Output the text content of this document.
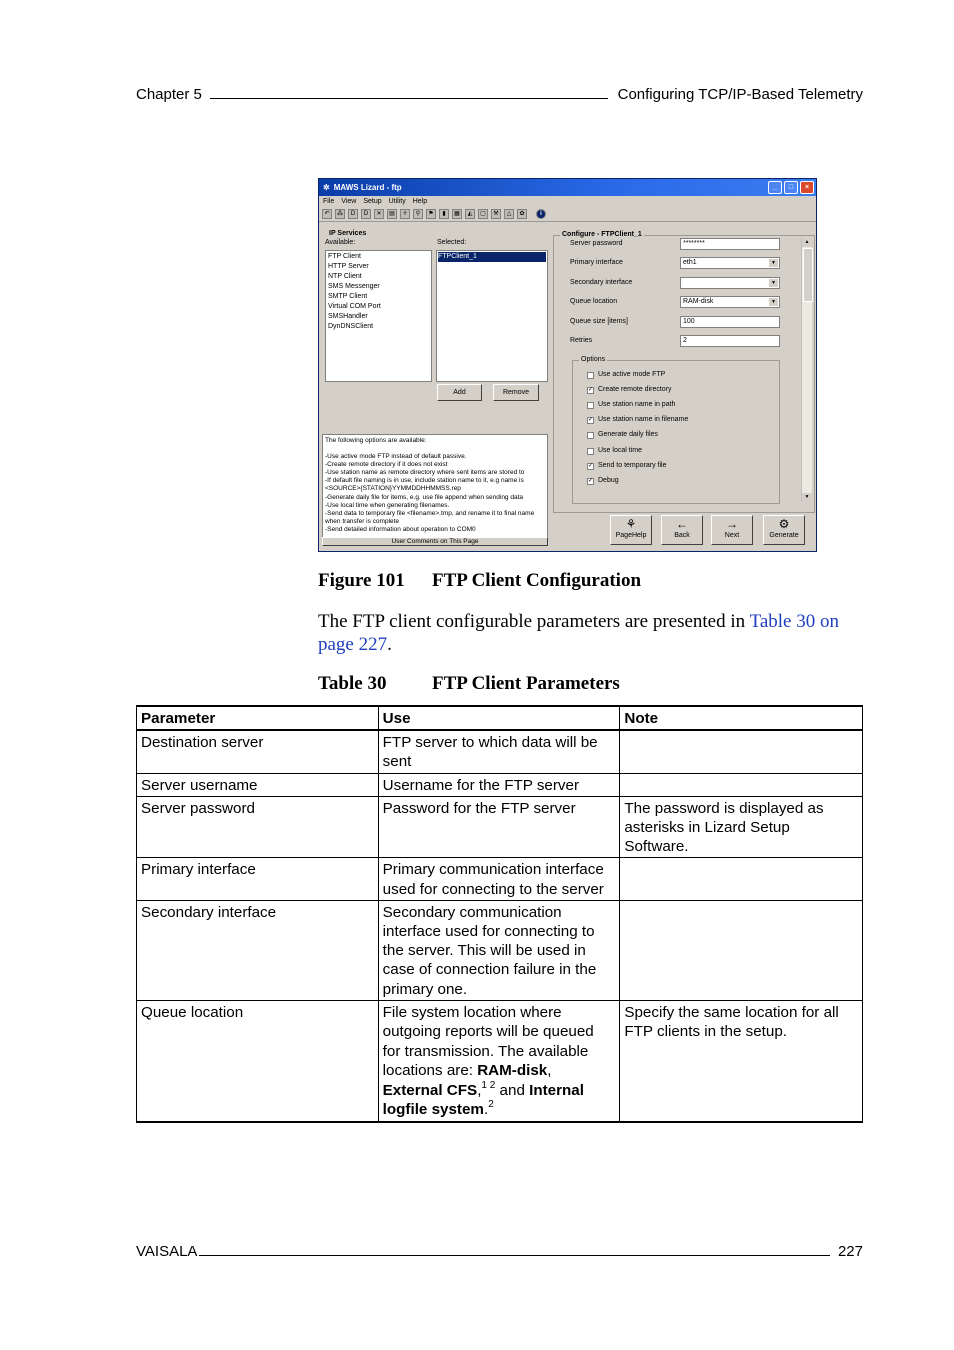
Chapter 5	Configuring TCP/IP-Based Telemetry
✲ MAWS Lizard - ftp	_	□	×
File View Setup Utility Help
↶	⁂	D	D	✕	▤	☥	⚲	⚑	▮	▦	◭	▢	⚒	△	✿	i
IP Services
Available:	Selected:
FTP Client
HTTP Server
NTP Client
SMS Messenger
SMTP Client
Virtual COM Port
SMSHandler
DynDNSClient
FTPClient_1
Add	Remove
The following options are available:
-Use active mode FTP instead of default passive.
-Create remote directory if it does not exist
-Use station name as remote directory where sent items are stored to
-If default file naming is in use, include station name to it, e.g name is
<SOURCE>{STATION}YYMMDDHHMMSS.rep
-Generate daily file for items, e.g. use file append when sending data
-Use local time when generating filenames.
-Send data to temporary file <filename>.tmp, and rename it to final name
when transfer is complete
-Send detailed information about operation to COM0
User Comments on This Page
Configure - FTPClient_1
Server password	********
Primary interface	eth1	▼
Secondary interface	▼
Queue location	RAM-disk	▼
Queue size [items]	100
Retries	2
Options
Use active mode FTP
✓ Create remote directory
Use station name in path
✓ Use station name in filename
Generate daily files
Use local time
✓ Send to temporary file
✓ Debug
▲
▼
⚘
PageHelp
←
Back
→
Next
⚙
Generate
Figure 101 FTP Client Configuration
The FTP client configurable parameters are presented in Table 30 on page 227.
Table 30 FTP Client Parameters
Parameter	Use	Note
Destination server	FTP server to which data will be sent	
Server username	Username for the FTP server	
Server password	Password for the FTP server	The password is displayed as asterisks in Lizard Setup Software.
Primary interface	Primary communication interface used for connecting to the server	
Secondary interface	Secondary communication interface used for connecting to the server. This will be used in case of connection failure in the primary one.	
Queue location	File system location where outgoing reports will be queued for transmission. The available locations are: RAM-disk, External CFS,$^{1 2}$ and Internal logfile system.$^2$	Specify the same location for all FTP clients in the setup.
VAISALA	227
